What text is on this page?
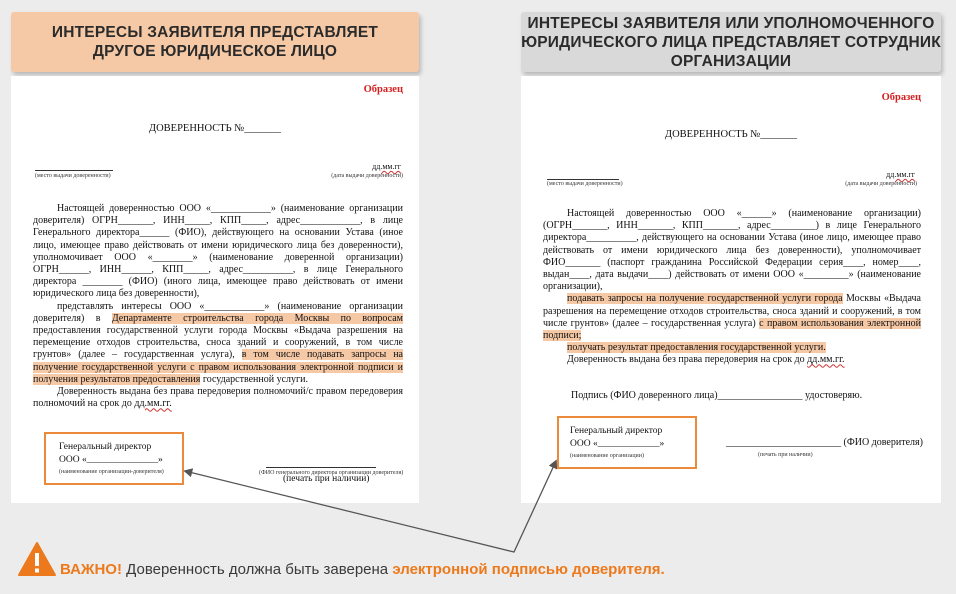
ИНТЕРЕСЫ ЗАЯВИТЕЛЯ ПРЕДСТАВЛЯЕТ
ДРУГОЕ ЮРИДИЧЕСКОЕ ЛИЦО
ИНТЕРЕСЫ ЗАЯВИТЕЛЯ ИЛИ УПОЛНОМОЧЕННОГО
ЮРИДИЧЕСКОГО ЛИЦА ПРЕДСТАВЛЯЕТ СОТРУДНИК
ОРГАНИЗАЦИИ
Образец
ДОВЕРЕННОСТЬ №_______
(место выдачи доверенности)
дд.мм.гг
(дата выдачи доверенности)

Настоящей доверенностью ООО «____________» (наименование организации доверителя) ОГРН_______, ИНН_____, КПП_____, адрес____________, в лице Генерального директора______ (ФИО), действующего на основании Устава (иное лицо, имеющее право действовать от имени юридического лица без доверенности), уполномочивает ООО «________» (наименование доверенной организации) ОГРН______, ИНН______, КПП_____, адрес__________, в лице Генерального директора ________ (ФИО) (иного лица, имеющее право действовать от имени юридического лица без доверенности),

представлять интересы ООО «____________» (наименование организации доверителя) в Департаменте строительства города Москвы по вопросам предоставления государственной услуги города Москвы «Выдача разрешения на перемещение отходов строительства, сноса зданий и сооружений, в том числе грунтов» (далее – государственная услуга), в том числе подавать запросы на получение государственной услуги с правом использования электронной подписи и получения результатов предоставления государственной услуги.

Доверенность выдана без права передоверия полномочий/с правом передоверия полномочий на срок до дд.мм.гг.

Генеральный директор
ООО «_______________»
(наименование организации-доверителя)	(ФИО генерального директора организации доверителя)
(печать при наличии)
Образец
ДОВЕРЕННОСТЬ №_______
(место выдачи доверенности)
дд.мм.гг
(дата выдачи доверенности)

Настоящей доверенностью ООО «______» (наименование организации) (ОГРН_______, ИНН_______, КПП_______, адрес_________) в лице Генерального директора__________, действующего на основании Устава (иное лицо, имеющее право действовать от имени юридического лица без доверенности), уполномочивает ФИО_______ (паспорт гражданина Российской Федерации серия____, номер____, выдан____, дата выдачи____) действовать от имени ООО «_________» (наименование организации),

подавать запросы на получение государственной услуги города Москвы «Выдача разрешения на перемещение отходов строительства, сноса зданий и сооружений, в том числе грунтов» (далее – государственная услуга) с правом использования электронной подписи;

получать результат предоставления государственной услуги.

Доверенность выдана без права передоверия на срок до дд.мм.гг.

Подпись (ФИО доверенного лица)_________________ удостоверяю.
Генеральный директор
ООО «_____________»
(наименование организации)
_______________________ (ФИО доверителя)
(печать при наличии)
ВАЖНО! Доверенность должна быть заверена электронной подписью доверителя.
